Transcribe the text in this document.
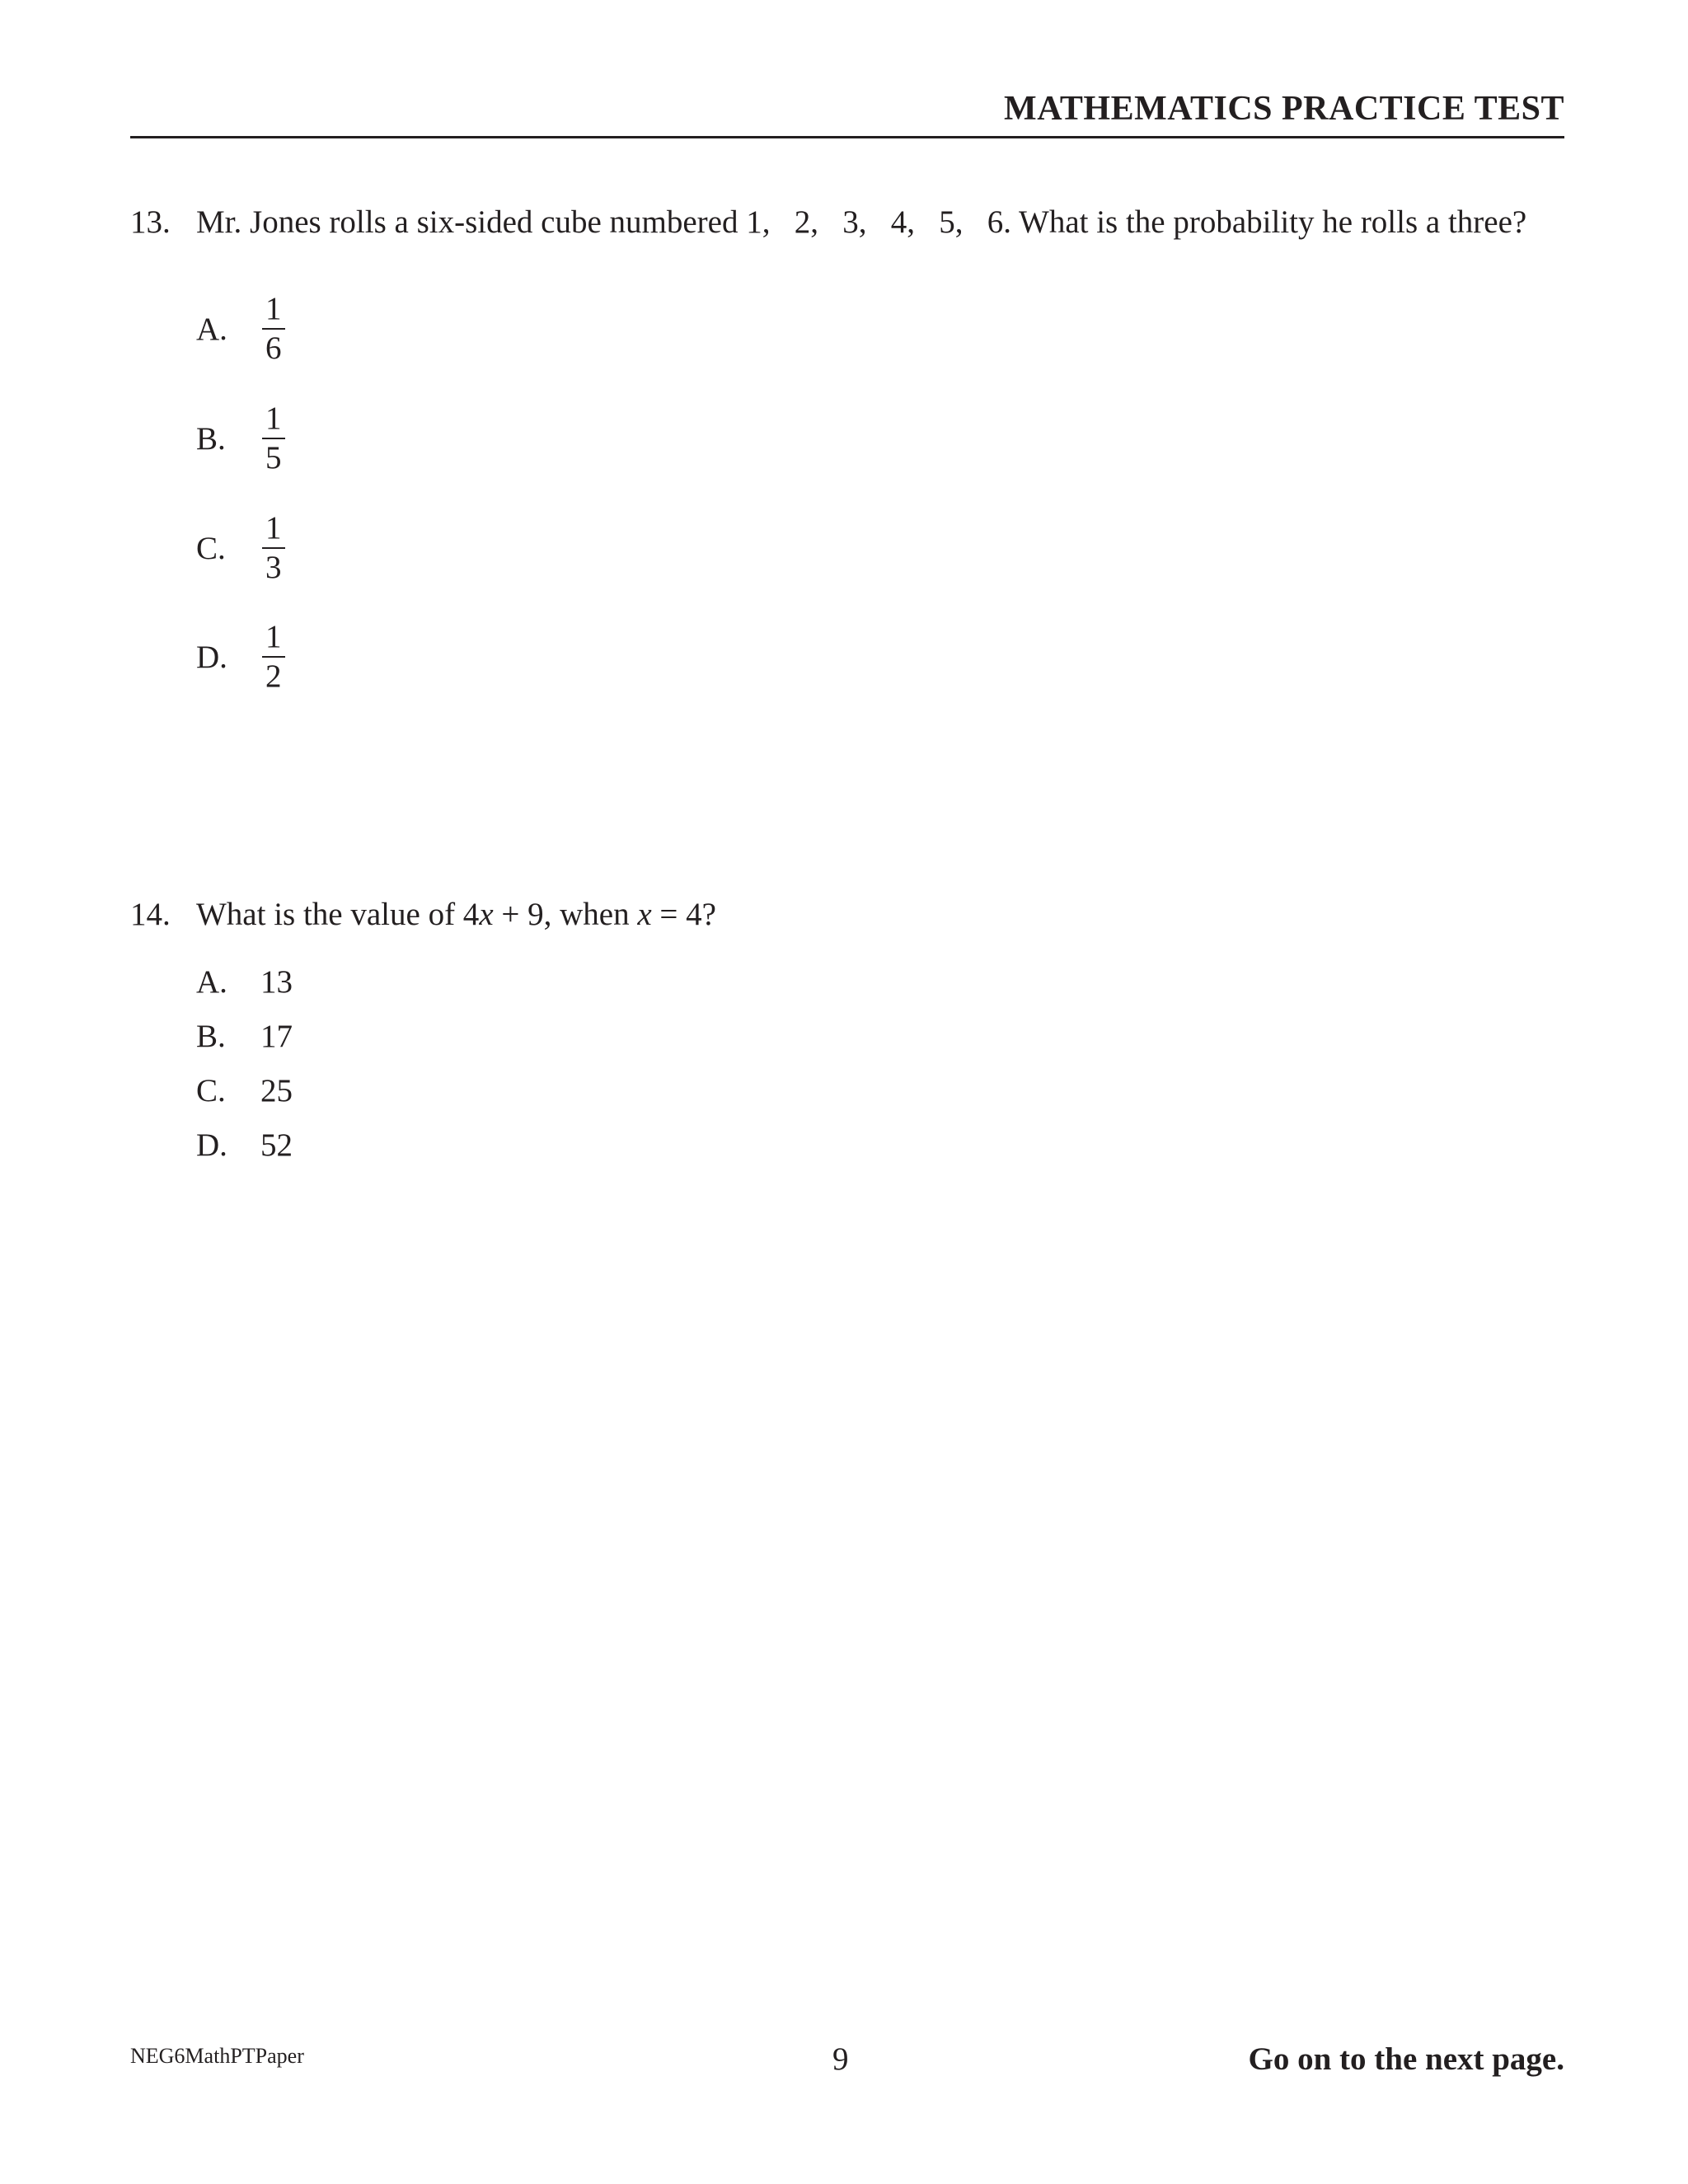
MATHEMATICS PRACTICE TEST
13. Mr. Jones rolls a six-sided cube numbered 1,   2,   3,   4,   5,   6. What is the probability he rolls a three?
A.	$\frac{1}{6}$
B.	$\frac{1}{5}$
C.	$\frac{1}{3}$
D.	$\frac{1}{2}$
14. What is the value of 4x + 9, when x = 4?
A.	13
B.	17
C.	25
D.	52
NEG6MathPTPaper	9	Go on to the next page.
